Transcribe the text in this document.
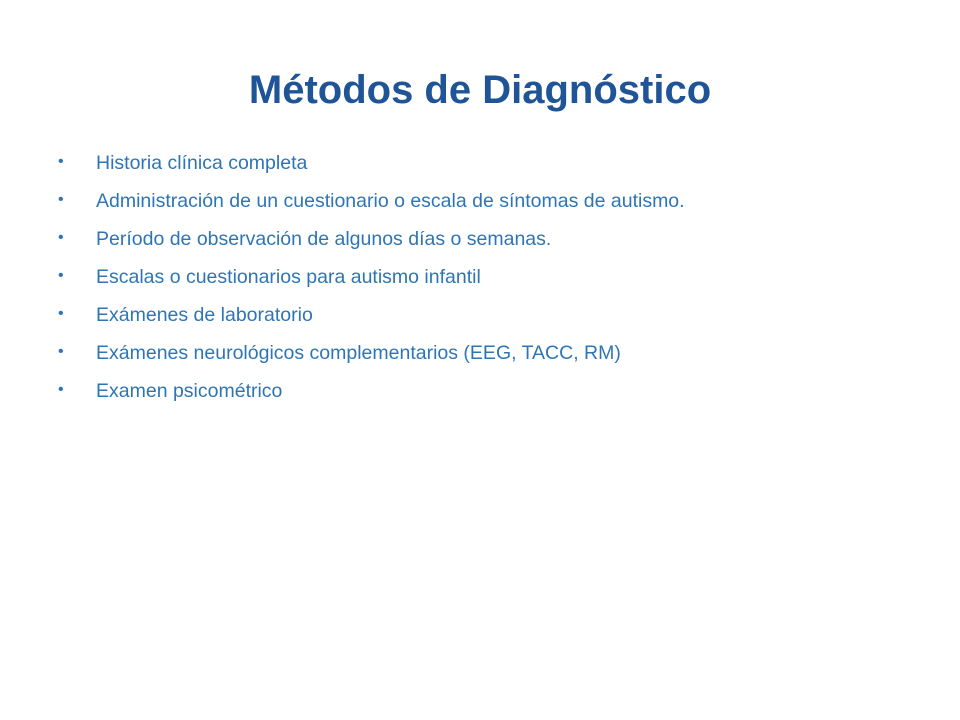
Métodos de Diagnóstico
•	Historia clínica completa
•	Administración de un cuestionario o escala de síntomas de autismo.
•	Período de observación de algunos días o semanas.
•	Escalas o cuestionarios para autismo infantil
•	Exámenes de laboratorio
•	Exámenes neurológicos complementarios (EEG, TACC, RM)
•	Examen psicométrico
